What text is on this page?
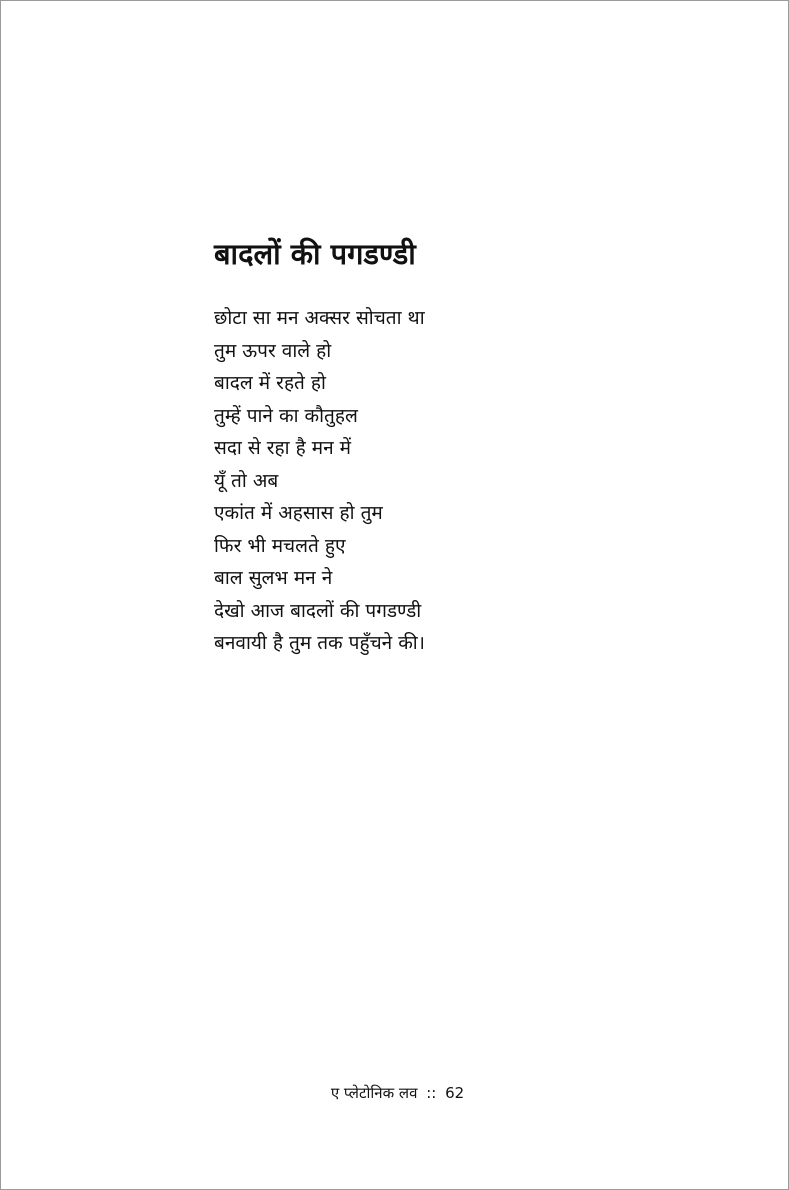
बादलों की पगडण्डी
छोटा सा मन अक्सर सोचता था
तुम ऊपर वाले हो
बादल में रहते हो
तुम्हें पाने का कौतुहल
सदा से रहा है मन में
यूँ तो अब
एकांत में अहसास हो तुम
फिर भी मचलते हुए
बाल सुलभ मन ने
देखो आज बादलों की पगडण्डी
बनवायी है तुम तक पहुँचने की।
ए प्लेटोनिक लव :: 62
